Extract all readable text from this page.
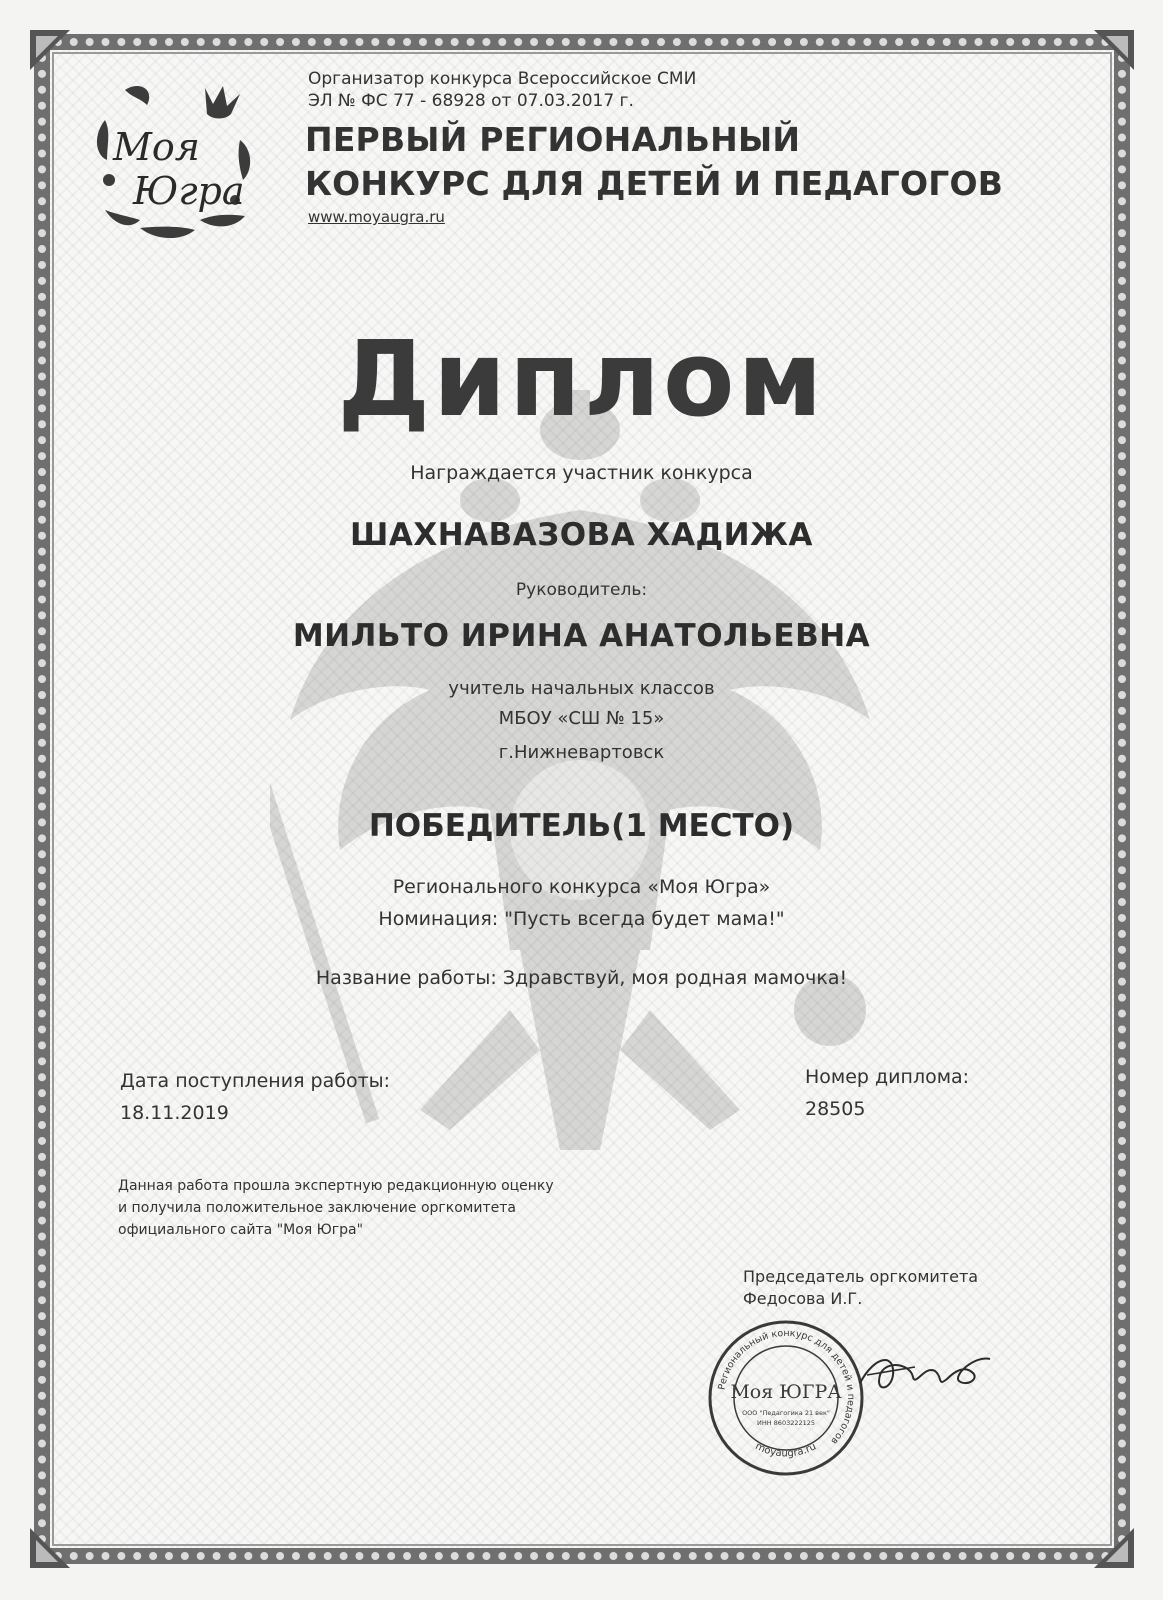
Моя
Югра
Организатор конкурса Всероссийское СМИ
ЭЛ № ФС 77 - 68928 от 07.03.2017 г.
ПЕРВЫЙ РЕГИОНАЛЬНЫЙ
КОНКУРС ДЛЯ ДЕТЕЙ И ПЕДАГОГОВ
www.moyaugra.ru
Диплом
Награждается участник конкурса
ШАХНАВАЗОВА ХАДИЖА
Руководитель:
МИЛЬТО ИРИНА АНАТОЛЬЕВНА
учитель начальных классов
МБОУ «СШ № 15»
г.Нижневартовск
ПОБЕДИТЕЛЬ(1 МЕСТО)
Регионального конкурса «Моя Югра»
Номинация: "Пусть всегда будет мама!"
Название работы: Здравствуй, моя родная мамочка!
Дата поступления работы:
18.11.2019
Номер диплома:
28505
Данная работа прошла экспертную редакционную оценку
и получила положительное заключение оргкомитета
официального сайта "Моя Югра"
Председатель оргкомитета
Федосова И.Г.
Региональный конкурс для детей и педагогов
moyaugra.ru
Моя ЮГРА
ООО "Педагогика 21 век"
ИНН 8603222125
